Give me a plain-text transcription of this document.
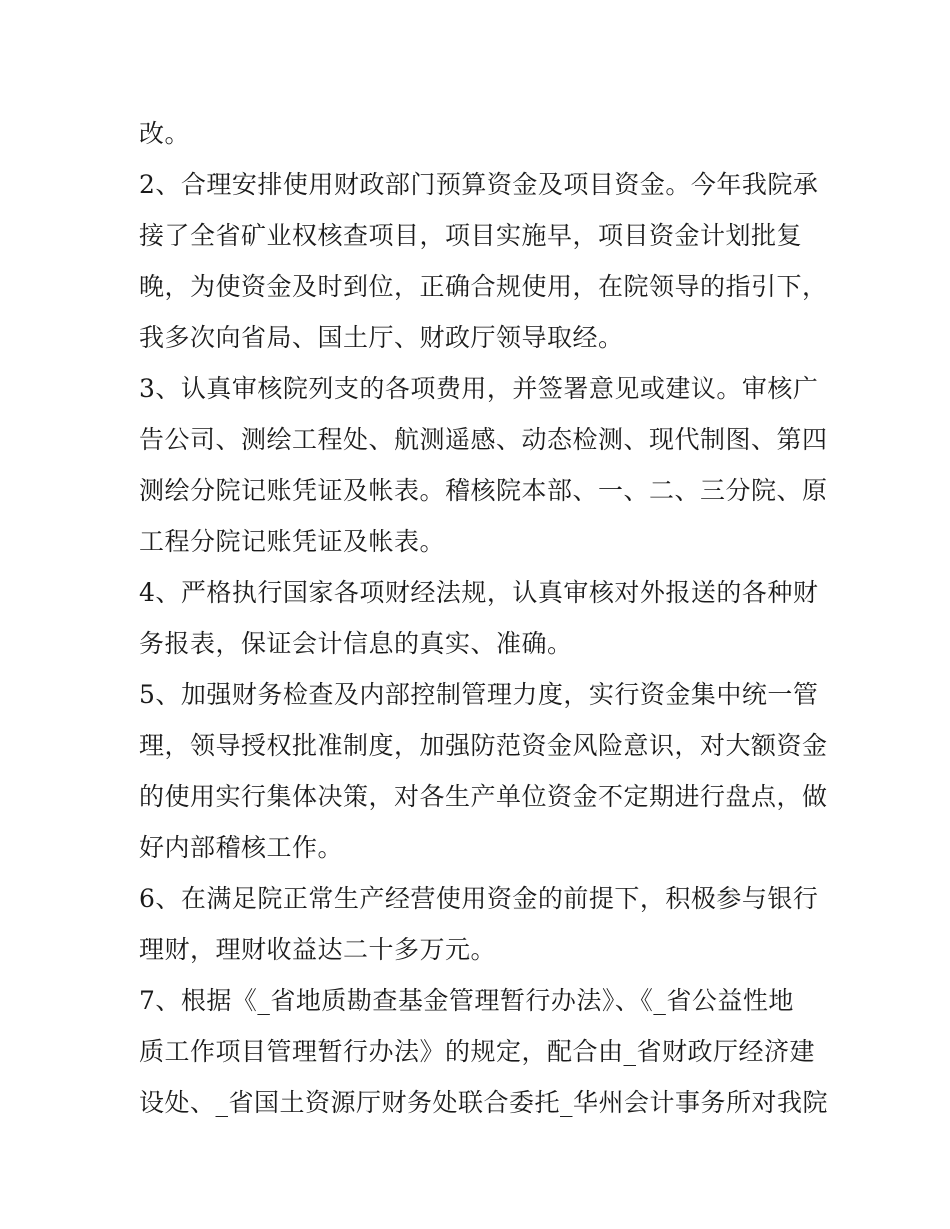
改。
2、合理安排使用财政部门预算资金及项目资金。今年我院承
接了全省矿业权核查项目，项目实施早，项目资金计划批复
晚，为使资金及时到位，正确合规使用，在院领导的指引下，
我多次向省局、国土厅、财政厅领导取经。
3、认真审核院列支的各项费用，并签署意见或建议。审核广
告公司、测绘工程处、航测遥感、动态检测、现代制图、第四
测绘分院记账凭证及帐表。稽核院本部、一、二、三分院、原
工程分院记账凭证及帐表。
4、严格执行国家各项财经法规，认真审核对外报送的各种财
务报表，保证会计信息的真实、准确。
5、加强财务检查及内部控制管理力度，实行资金集中统一管
理，领导授权批准制度，加强防范资金风险意识，对大额资金
的使用实行集体决策，对各生产单位资金不定期进行盘点，做
好内部稽核工作。
6、在满足院正常生产经营使用资金的前提下，积极参与银行
理财，理财收益达二十多万元。
7、根据《_省地质勘查基金管理暂行办法》、《_省公益性地
质工作项目管理暂行办法》的规定，配合由_省财政厅经济建
设处、_省国土资源厅财务处联合委托_华州会计事务所对我院
